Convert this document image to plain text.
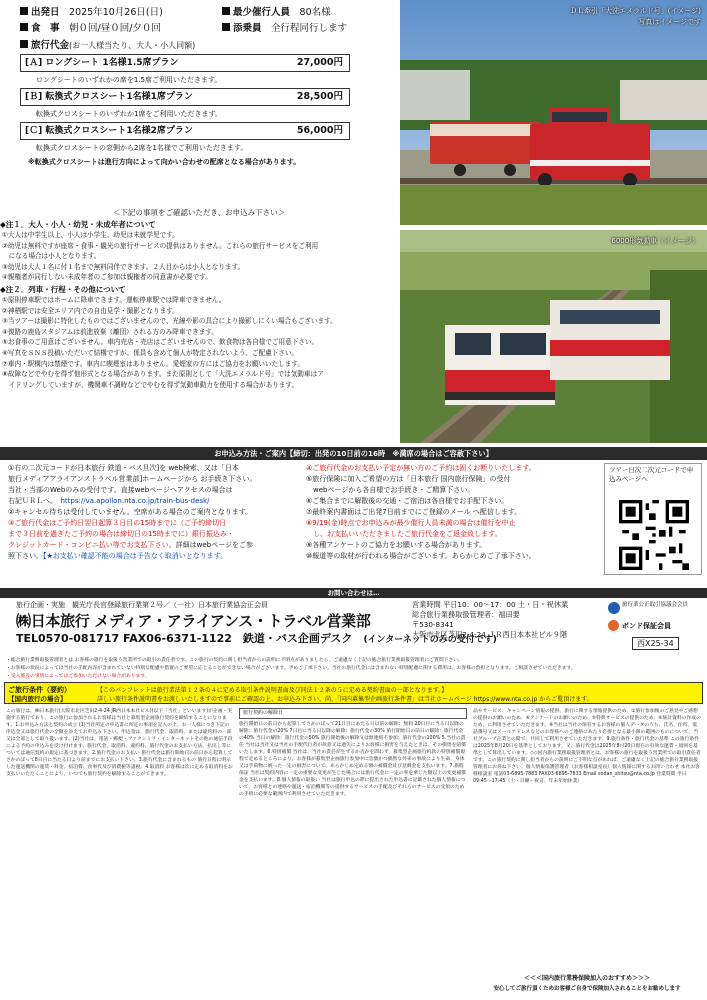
出発日　 2025年10月26日(日)	最少催行人員　 80名様
食　事　 朝０回/昼０回/夕０回	添乗員　 全行程同行します
旅行代金(お一人様当たり、大人・小人同額)
[Ａ] ロングシート 1名様1.5席プラン	27,000円
ロングシートのいずれかの席を1.5席ご利用いただきます。
[Ｂ] 転換式クロスシート1名様1席プラン	28,500円
転換式クロスシートのいずれか1席をご利用いただきます。
[Ｃ] 転換式クロスシート1名様2席プラン	56,000円
転換式クロスシートの窓側から2席を1名様でご利用いただきます。
※転換式クロスシートは進行方向によって向かい合わせの配席となる場合があります。
ＤＬ牽引「大洗エメラルド号」(イメージ)
写真はイメージです
6000形気動車（イメージ）
＜下記の事項をご確認いただき、お申込み下さい＞
◆注１．大人・小人・幼児・未成年者について
①大人は中学生以上、小人は小学生、幼児は未就学児です。
②幼児は無料ですが座席・食事・観光の旅行サービスの提供はありません。これらの旅行サービスをご利用
　になる場合は小人となります。
③幼児は大人１名に付１名まで無料同伴できます。２人目からは小人となります。
④親権者が同行しない未成年者のご参加は親権者の同意書が必要です。
◆注２．列車・行程・その他について
①原則停車駅ではホームに降車できます。運転停車駅では降車できません。
②神栖駅では安全エリア内での自由見学・撮影となります。
③当ツアーは撮影に特化したものではございませんので、光線や影の具合により撮影しにくい場合もございます。
④復路の鹿島スタジアムは前進放棄（離団）される方のみ降車できます。
⑤お食事のご用意はございません。車内売店・売店はございませんので、飲食物は各自様でご用意下さい。
⑥写真をＳＮＳ投稿いただいて結構ですが、係員も含めて個人が特定されないよう、ご配慮下さい。
⑦車内・駅構内は禁煙です。車内に喫煙室はありません。愛煙家の方にはご協力をお願いいたします。
⑧故障などでやむを得ず他形式となる場合があります。また原則として「大洗エメラルド号」では気動車はア
　イドリングしていますが、機関車不調時などでやむを得ず気動車動力を使用する場合があります。
お申込み方法・ご案内【締切：出発の10日前の16時　※満席の場合はご容赦下さい】
①右の二次元コードが日本旅行 鉄道・バス旦次]を web検索、又は「日本
旅行メディアアライアンストラベル営業部]ホームページから お手続き下さい。
当社・当部のWebのみの受付です。直接webページへアクセスの場合は
右記ＵＲＬへ。　 https://va.apollon.nta.co.jp/train-bus-desk/
②キャンセル待ちは受付していません。空席がある場合のご案内となります。
③ご旅行代金はご予約日翌日起算３日目の15時までに（ご予約締切日
まで３日前を過ぎたご予約の場合は締切日の15時までに）銀行振込み・
クレジットカード・コンビニ払い等でお支払下さい。詳細はwebページをご参
照下さい。【★お支払い確認不能の場合は予告なく取消いとなります。
④ご旅行代金のお支払い予定が無い方のご予約は固くお断りいたします。
⑤旅行保険に加入ご希望の方は「日本旅行 国内旅行保険」の受付
　webページから各自様でお手続き・ご精算下さい。
⑥ご集合までに解散後の交通・ご宿泊は各自様でお手配下さい。
⑦最終案内書面はご出発7日前までにご登録のメール へ配信します。
⑧9/19(金)時点でお申込みが最少催行人員未満の場合は催行を中止
　し、お支払いいただきましたご旅行代金をご返金致します。
⑨各種アンケートのご協力をお願いする場合があります。
⑩報道等の取材が行われる場合がございます。あらかじめご了承下さい。
ツアー日次二次元コードで申込みページへ
お問い合わせは…
旅行企画・実施　観光庁長官登録旅行業第２号／（一社）日本旅行業協会正会員
㈱日本旅行 メディア・アライアンス・トラベル営業部
TEL0570-081717 FAX06-6371-1122　 鉄道・バス企画デスク　 (インターネットのみの受付です)
営業時間 平日10：00〜17：00 土・日・祝休業
総合旅行業務取扱管理者：福田要
〒530-8341
大阪市北区芝田2-4-24 ＪＲ西日本本社ビル９階
旅行業公正取引協議会会員
ボンド保証会員
西X25-34
・総合旅行業務取扱管理者とは お客様の旅行を取扱う営業所での取引の責任者です。この旅行の契約に関し担当者からの説明に不明点がありましたら、ご遠慮なく上記の総合旅行業務取扱管理者にご質問下さい。
・お客様の状況によっては当社の手配内容が含まれていない特別な配慮や措置のご要望に応じることができない場合がございます。予めご了承下さい。当社の旅行代金には含まれない特別配慮に関する費用は、お客様の負担となります。ご相談させていただきます。
・受入施設の事情によってはご参加いただけない場合があります。
ご旅行条件（要約）
【国内旅行の場合】
【このパンフレットは旅行業法第１２条の４に定める取引条件説明書面及び同法１２条の５に定める契約書面の一部となります。】
詳しい旅行条件説明書をお渡しいたしますので事前にご確認の上、お申込み下さい。尚、「国内募集型企画旅行条件書」は当社ホームページ https://www.nta.co.jp からご覧頂けます。
この旅行は、㈱日本旅行(大阪市北区芝田2-4-24 JR西日本本社ビル)(以下「当社」といいます)が企画・実施する旅行であり、この旅行に参加されるお客様は当社と募集型企画旅行契約を締結することになります。1.お申込み方法と契約の成立 (1)当社所定の申込書に所定の事項を記入の上、お一人様につき下記の申込金又は旅行代金の全額を添えてお申込み下さい。申込金は、旅行代金、取消料、または違約料の一部又は全部として取り扱います。(2)当社は、電話・郵便・ファクシミリ・インターネットその他の通信手段による予約の申込みを受け付けます。旅行代金、取消料、違約料、旅行代金のお支払い方法、払戻し等については通信契約の規定に基づきます。2.旅行代金のお支払い 旅行代金は旅行開始日の前日から起算してさかのぼって8日目に当たる日より前までにお支払い下さい。3.旅行代金に含まれるもの 旅行日程に明示した運送機関の運賃・料金、宿泊費、食事代及び消費税等諸税。4.取消料 お客様は次に定める取消料をお支払いいただくことにより、いつでも旅行契約を解除することができます。
旅行契約の解除日
旅行開始日の前日から起算してさかのぼって21日目にあたる日以前の解除：無料 20日目に当る日以降の解除：旅行代金の20% 7日目に当る日以降の解除：旅行代金の30% 旅行開始日の前日の解除：旅行代金の40% 当日の解除：旅行代金の50% 旅行開始後の解除又は無連絡不参加：旅行代金の100% 5.当社の責任 当社は当社又は当社の手配代行者が故意又は過失によりお客様に損害を与えたときは、その損害を賠償いたします。6.特別補償 当社は、当社の責任が生ずるか否かを問わず、募集型企画旅行約款の特別補償規程で定めるところにより、お客様が募集型企画旅行参加中に急激かつ偶然な外来の事故により生命、身体又は手荷物に被った一定の損害について、あらかじめ定める額の補償金及び見舞金を支払います。7.旅程保証 当社は契約内容に一定の重要な変更が生じた場合には旅行代金に一定の率を乗じた額以上の変更補償金を支払います。8.個人情報の取扱い 当社は旅行申込の際に提出された申込書に記載された個人情報について、お客様との連絡や運送・宿泊機関等の提供するサービスの手配及びそれらのサービスの受領のための手続に必要な範囲内で利用させていただきます。
品やサービス、キャンペーン情報の提供、旅行に関する情報提供のため、②旅行参加後のご意見やご感想の提供のお願いのため、④アンケートのお願いのため、⑤特典サービスの提供のため、⑥統計資料の作成のため、に利用させていただきます。※当社は当社の保有するお客様の個人データのうち、氏名、住所、電話番号又はメールアドレスなどのお客様へのご連絡にあたり必要となる最小限の範囲のものについて、当社グループ企業との間で、共同して利用させていただきます。9.旅行条件・旅行代金の基準 この旅行条件は2025年8月20日を基準としております。又、旅行代金は2025年8月20日現在の有効な運賃・規則を基準として算出しています。◇◇国内旅行業務取扱管理者とは、お客様の旅行を取扱う営業所での取引責任者です。この旅行契約に関し担当者からの説明にご不明な点があれば、ご遠慮なく上記の総合旅行業務取扱管理者にお尋ね下さい。個人情報保護管理者（お客様相談室長）個人情報に関するお問い合わせ 本社お客様相談室 電話03-6895-7883 FAX03-6895-7833 Email sodan_shitsu@nta.co.jp 営業時間 平日 09:45〜17:45（土・日曜・祝日、年末年始休業）
＜＜＜国内旅行業務保険加入のおすすめ＞＞＞
安心してご旅行頂くためお客様ご自身で保険加入されることをお勧めします
